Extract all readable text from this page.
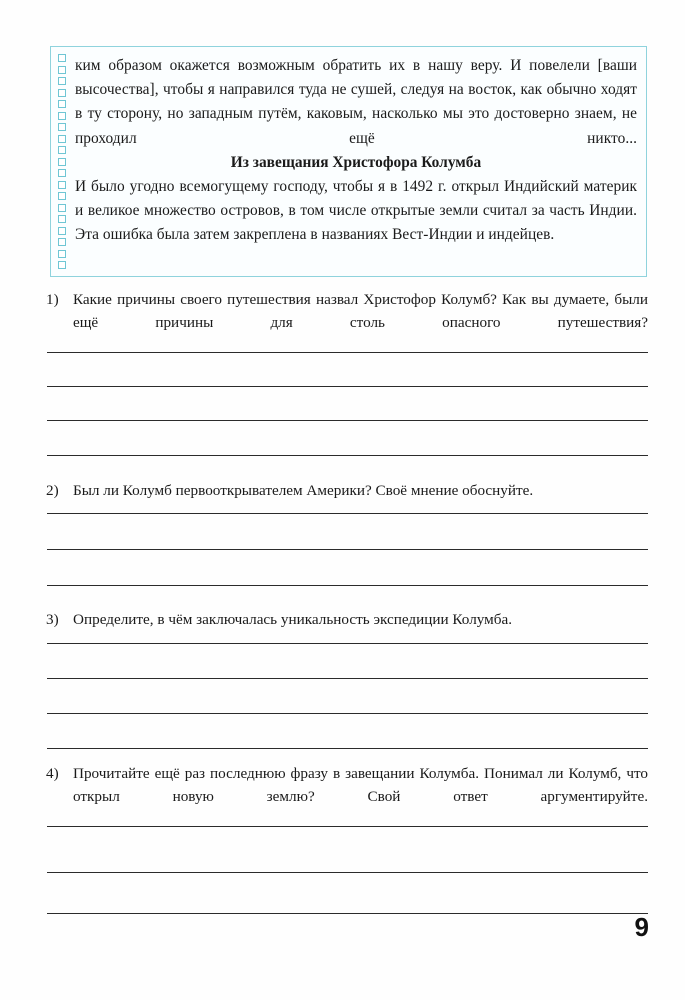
ким образом окажется возможным обратить их в нашу веру. И повелели [ваши высочества], чтобы я направился туда не сушей, следуя на восток, как обычно ходят в ту сторону, но западным путём, каковым, насколько мы это достоверно знаем, не проходил ещё никто...

Из завещания Христофора Колумба

И было угодно всемогущему господу, чтобы я в 1492 г. открыл Индийский материк и великое множество островов, в том числе открытые земли считал за часть Индии. Эта ошибка была затем закреплена в названиях Вест-Индии и индейцев.

1) Какие причины своего путешествия назвал Христофор Колумб? Как вы думаете, были ещё причины для столь опасного путешествия?
2) Был ли Колумб первооткрывателем Америки? Своё мнение обоснуйте.
3) Определите, в чём заключалась уникальность экспедиции Колумба.
4) Прочитайте ещё раз последнюю фразу в завещании Колумба. Понимал ли Колумб, что открыл новую землю? Свой ответ аргументируйте.
9
